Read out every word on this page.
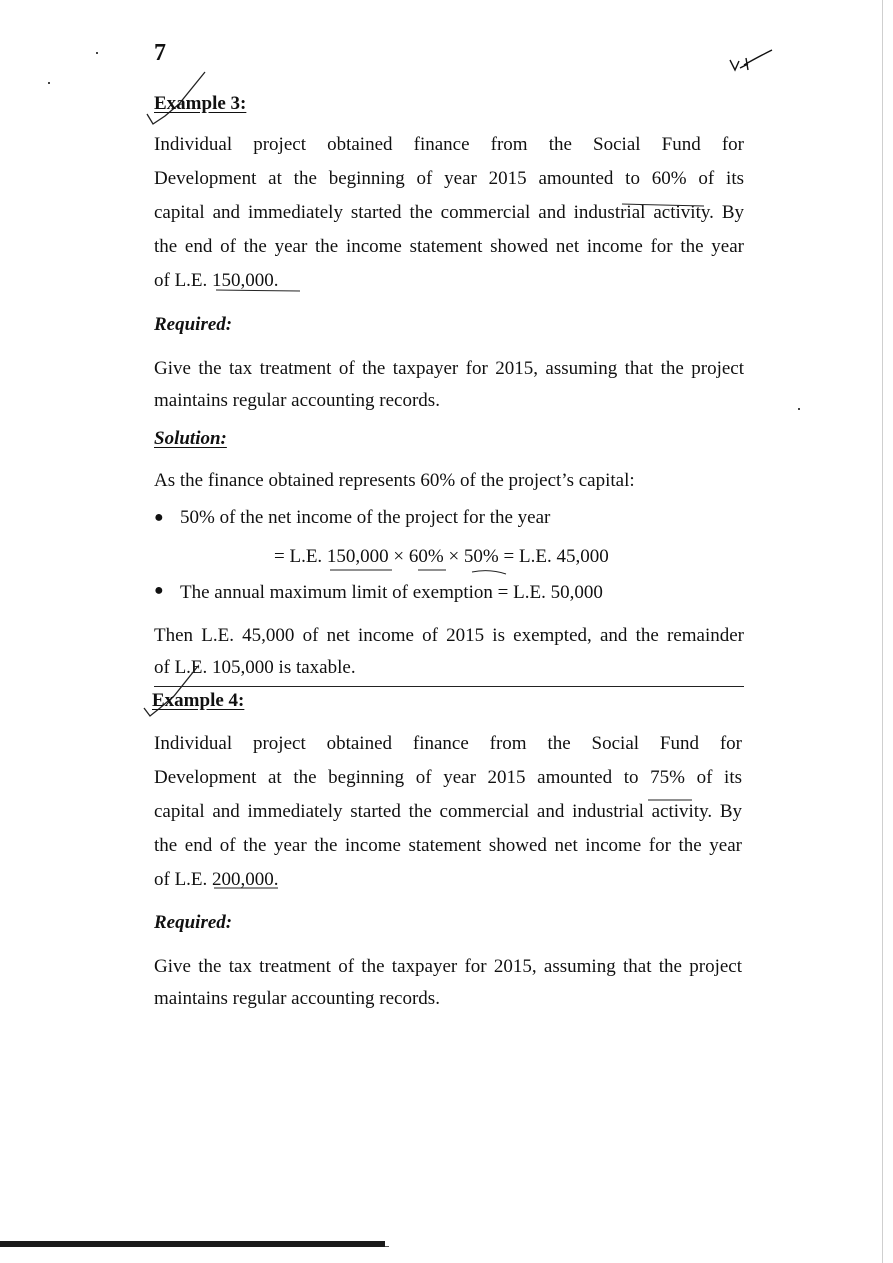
7
Example 3:
Individual project obtained finance from the Social Fund for
Development at the beginning of year 2015 amounted to 60% of its
capital and immediately started the commercial and industrial activity. By
the end of the year the income statement showed net income for the year
of L.E. 150,000.
Required:
Give the tax treatment of the taxpayer for 2015, assuming that the project
maintains regular accounting records.
Solution:
As the finance obtained represents 60% of the project’s capital:
● 50% of the net income of the project for the year
= L.E. 150,000 × 60% × 50% = L.E. 45,000
● The annual maximum limit of exemption = L.E. 50,000
Then L.E. 45,000 of net income of 2015 is exempted, and the remainder
of L.E. 105,000 is taxable.
Example 4:
Individual project obtained finance from the Social Fund for
Development at the beginning of year 2015 amounted to 75% of its
capital and immediately started the commercial and industrial activity. By
the end of the year the income statement showed net income for the year
of L.E. 200,000.
Required:
Give the tax treatment of the taxpayer for 2015, assuming that the project
maintains regular accounting records.
